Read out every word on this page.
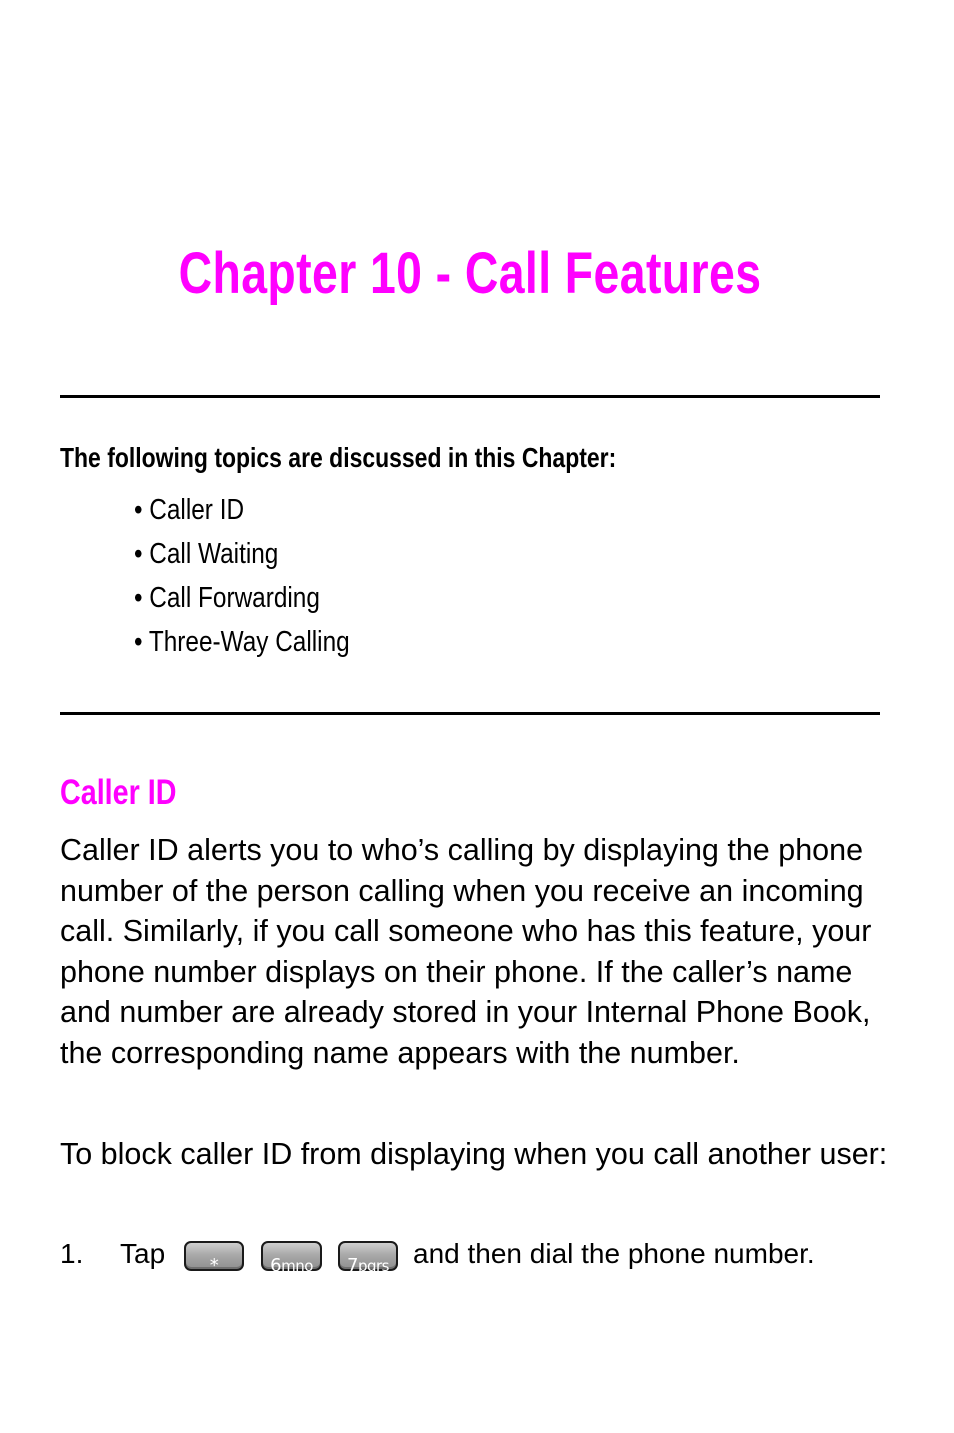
Chapter 10 - Call Features

The following topics are discussed in this Chapter:

• Caller ID
• Call Waiting
• Call Forwarding
• Three-Way Calling
Caller ID

Caller ID alerts you to who’s calling by displaying the phone number of the person calling when you receive an incoming call. Similarly, if you call someone who has this feature, your phone number displays on their phone. If the caller’s name and number are already stored in your Internal Phone Book, the corresponding name appears with the number.

To block caller ID from displaying when you call another user:

1. Tap	*	6mno	7pqrs and then dial the phone number.
